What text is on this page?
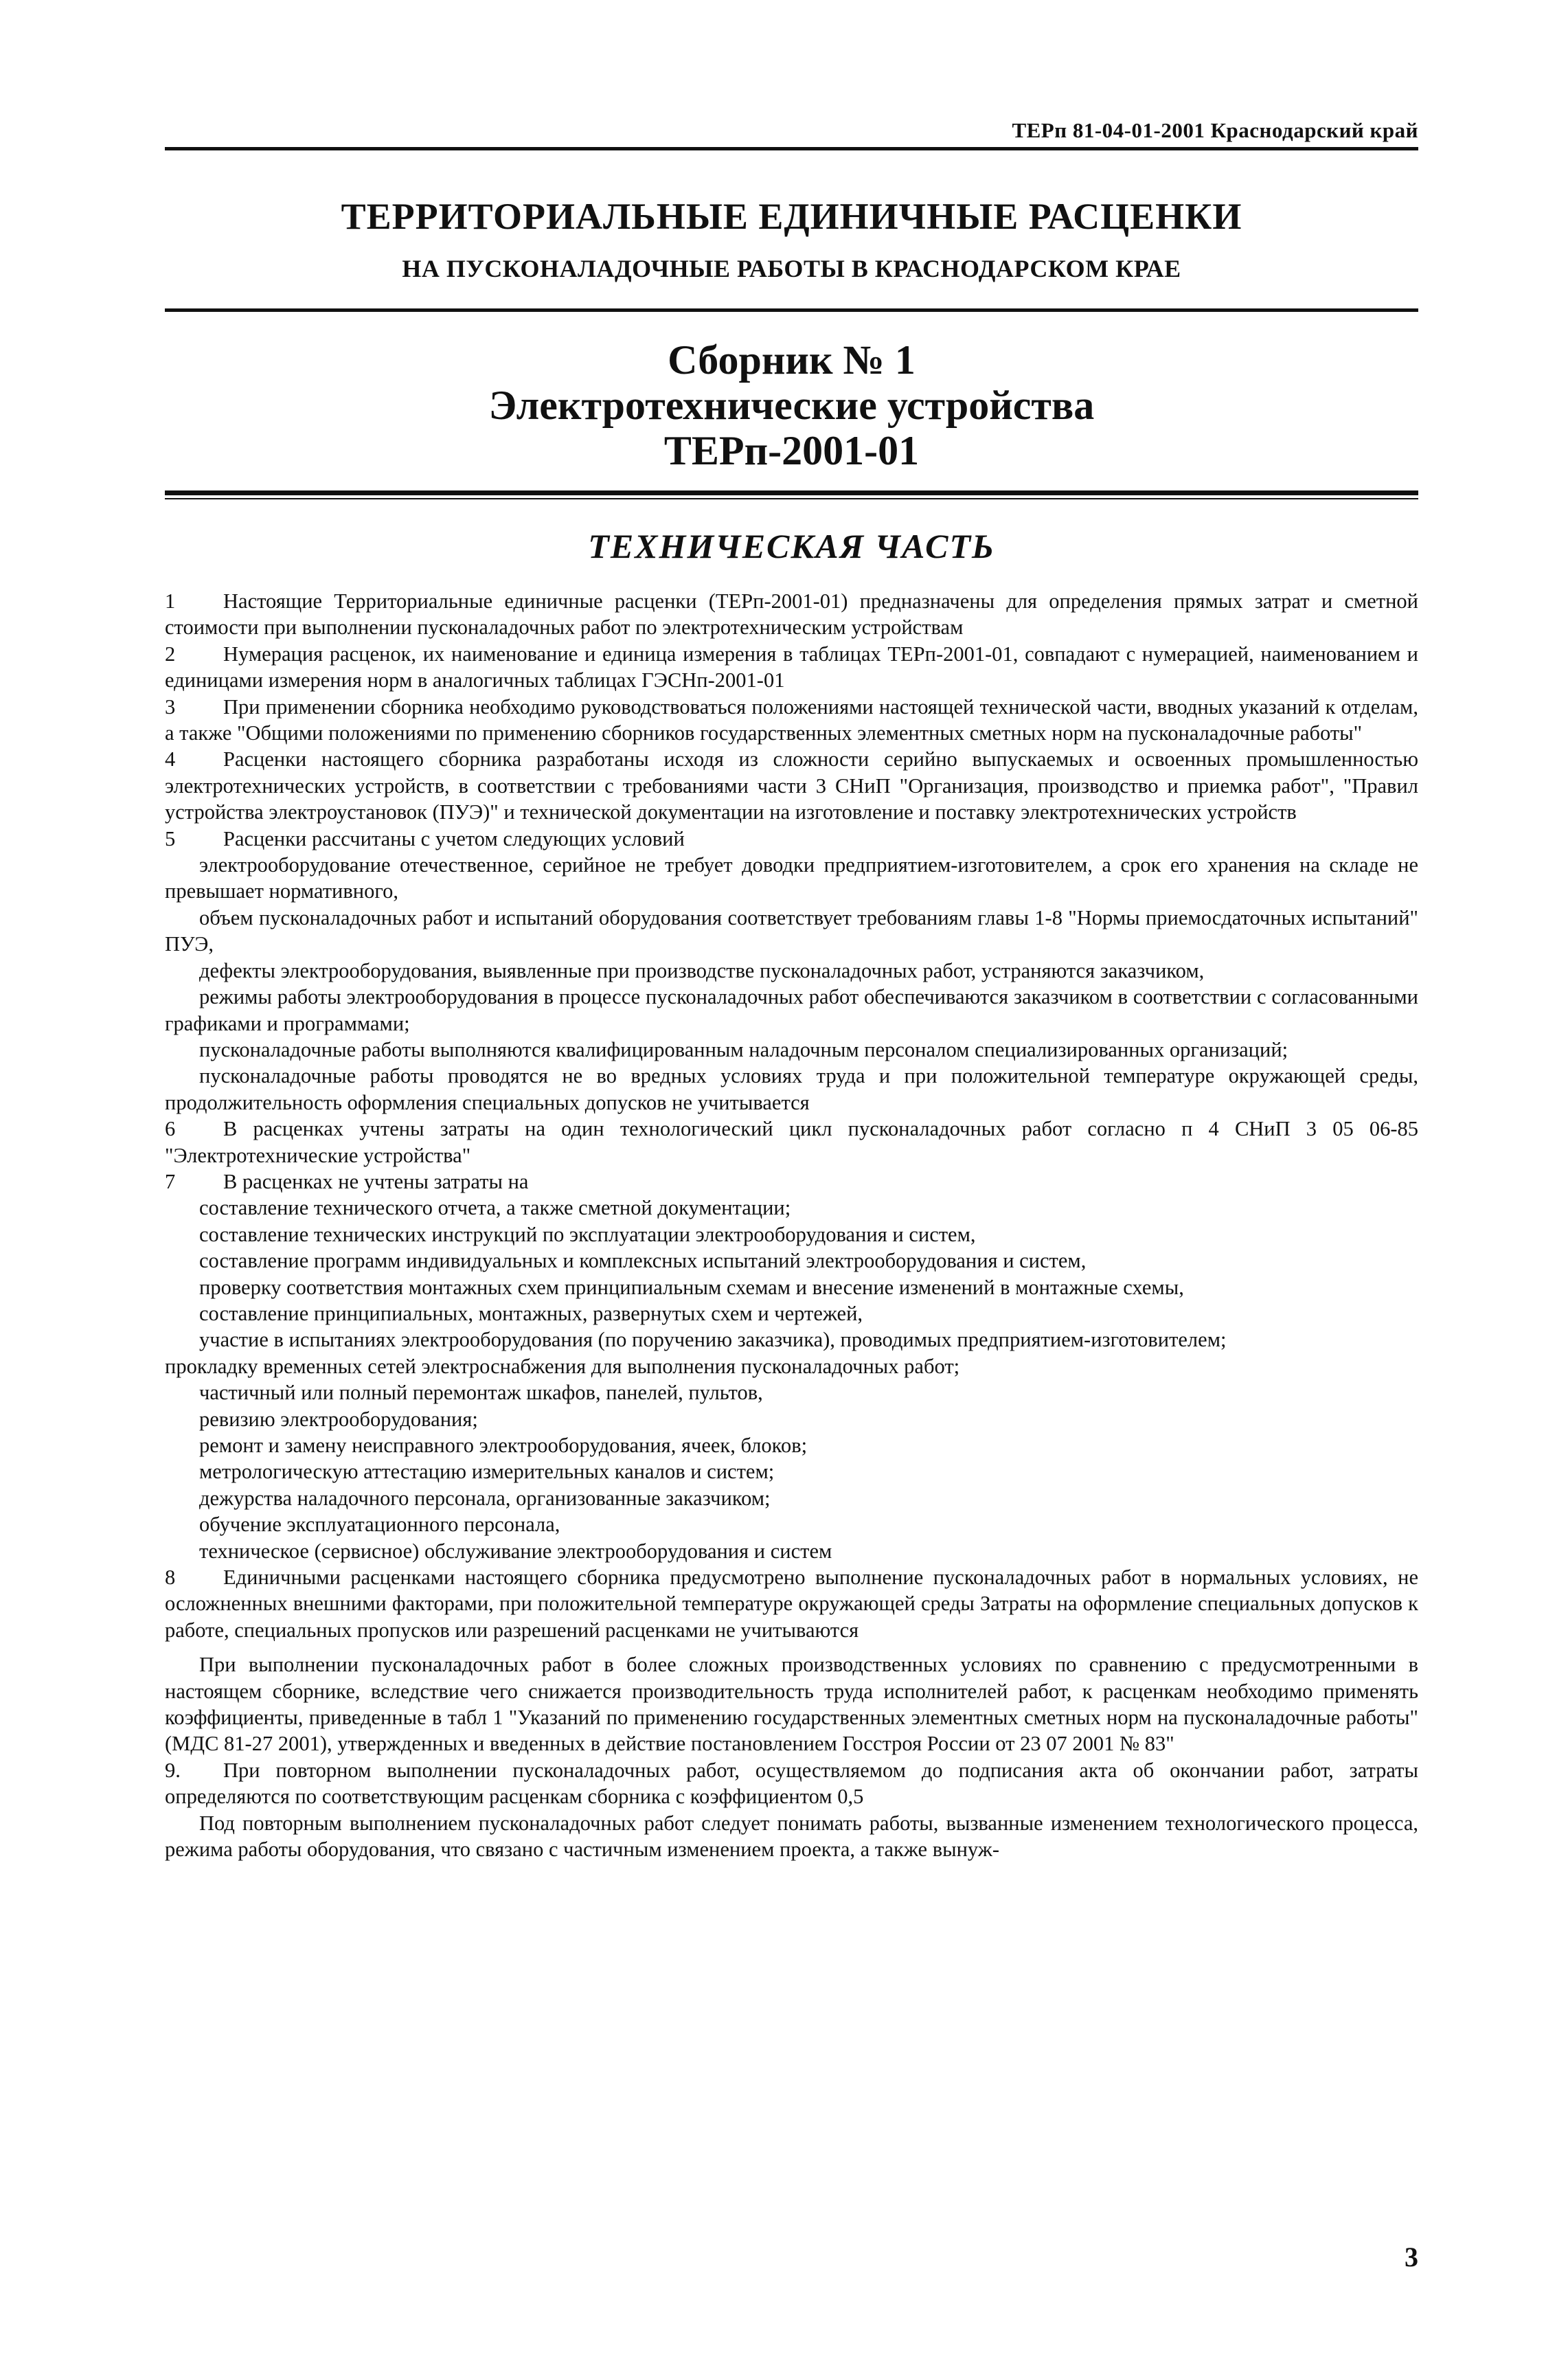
ТЕРп 81-04-01-2001 Краснодарский край
ТЕРРИТОРИАЛЬНЫЕ ЕДИНИЧНЫЕ РАСЦЕНКИ
НА ПУСКОНАЛАДОЧНЫЕ РАБОТЫ В КРАСНОДАРСКОМ КРАЕ
Сборник № 1
Электротехнические устройства
ТЕРп-2001-01
ТЕХНИЧЕСКАЯ ЧАСТЬ

1 Настоящие Территориальные единичные расценки (ТЕРп-2001-01) предназначены для определения прямых затрат и сметной стоимости при выполнении пусконаладочных работ по электротехническим устройствам

2 Нумерация расценок, их наименование и единица измерения в таблицах ТЕРп-2001-01, совпадают с нумерацией, наименованием и единицами измерения норм в аналогичных таблицах ГЭСНп-2001-01

3 При применении сборника необходимо руководствоваться положениями настоящей технической части, вводных указаний к отделам, а также "Общими положениями по применению сборников государственных элементных сметных норм на пусконаладочные работы"

4 Расценки настоящего сборника разработаны исходя из сложности серийно выпускаемых и освоенных промышленностью электротехнических устройств, в соответствии с требованиями части 3 СНиП "Организация, производство и приемка работ", "Правил устройства электроустановок (ПУЭ)" и технической документации на изготовление и поставку электротехнических устройств

5 Расценки рассчитаны с учетом следующих условий

электрооборудование отечественное, серийное не требует доводки предприятием-изготовителем, а срок его хранения на складе не превышает нормативного,

объем пусконаладочных работ и испытаний оборудования соответствует требованиям главы 1-8 "Нормы приемосдаточных испытаний" ПУЭ,

дефекты электрооборудования, выявленные при производстве пусконаладочных работ, устраняются заказчиком,

режимы работы электрооборудования в процессе пусконаладочных работ обеспечиваются заказчиком в соответствии с согласованными графиками и программами;

пусконаладочные работы выполняются квалифицированным наладочным персоналом специализированных организаций;

пусконаладочные работы проводятся не во вредных условиях труда и при положительной температуре окружающей среды, продолжительность оформления специальных допусков не учитывается

6 В расценках учтены затраты на один технологический цикл пусконаладочных работ согласно п 4 СНиП 3 05 06-85 "Электротехнические устройства"

7 В расценках не учтены затраты на

составление технического отчета, а также сметной документации;

составление технических инструкций по эксплуатации электрооборудования и систем,

составление программ индивидуальных и комплексных испытаний электрооборудования и систем,

проверку соответствия монтажных схем принципиальным схемам и внесение изменений в монтажные схемы,

составление принципиальных, монтажных, развернутых схем и чертежей,

участие в испытаниях электрооборудования (по поручению заказчика), проводимых предприятием-изготовителем;

прокладку временных сетей электроснабжения для выполнения пусконаладочных работ;

частичный или полный перемонтаж шкафов, панелей, пультов,

ревизию электрооборудования;

ремонт и замену неисправного электрооборудования, ячеек, блоков;

метрологическую аттестацию измерительных каналов и систем;

дежурства наладочного персонала, организованные заказчиком;

обучение эксплуатационного персонала,

техническое (сервисное) обслуживание электрооборудования и систем

8 Единичными расценками настоящего сборника предусмотрено выполнение пусконаладочных работ в нормальных условиях, не осложненных внешними факторами, при положительной температуре окружающей среды Затраты на оформление специальных допусков к работе, специальных пропусков или разрешений расценками не учитываются

При выполнении пусконаладочных работ в более сложных производственных условиях по сравнению с предусмотренными в настоящем сборнике, вследствие чего снижается производительность труда исполнителей работ, к расценкам необходимо применять коэффициенты, приведенные в табл 1 "Указаний по применению государственных элементных сметных норм на пусконаладочные работы" (МДС 81-27 2001), утвержденных и введенных в действие постановлением Госстроя России от 23 07 2001 № 83"

9. При повторном выполнении пусконаладочных работ, осуществляемом до подписания акта об окончании работ, затраты определяются по соответствующим расценкам сборника с коэффициентом 0,5

Под повторным выполнением пусконаладочных работ следует понимать работы, вызванные изменением технологического процесса, режима работы оборудования, что связано с частичным изменением проекта, а также вынуж-

3
